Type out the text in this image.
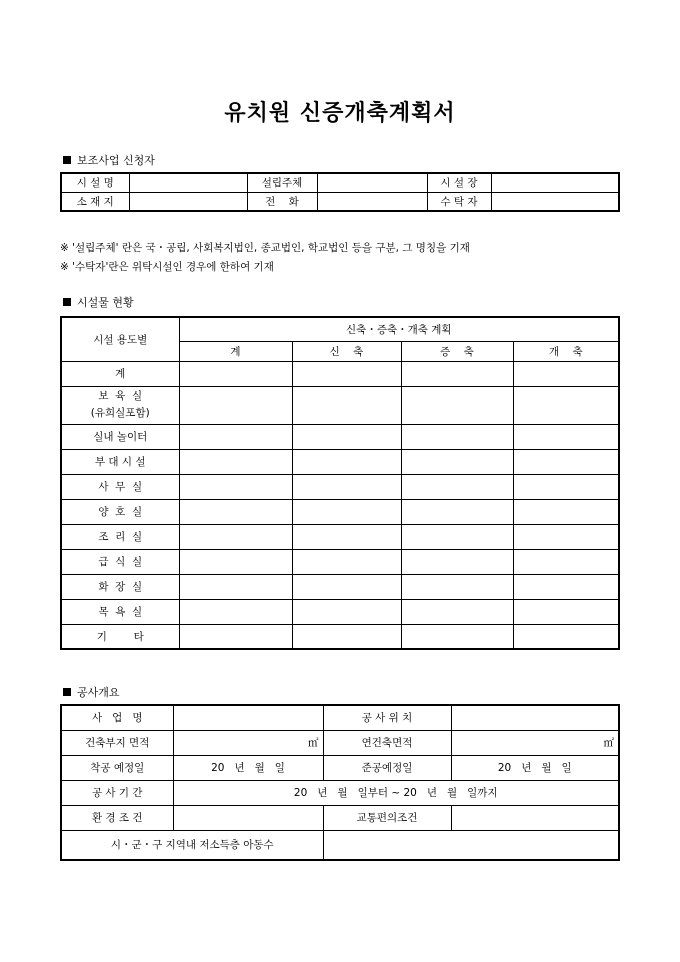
유치원 신증개축계획서
보조사업 신청자
시 설 명		설립주체		시 설 장	
소 재 지		전    화		수 탁 자	
※ '설립주체' 란은 국・공립, 사회복지법인, 종교법인, 학교법인 등을 구분, 그 명칭을 기재
※ '수탁자'란은 위탁시설인 경우에 한하여 기재
시설물 현황
시설 용도별	신축・증축・개축 계획			
	계	신    축	증    축	개    축
계				
보  육  실
(유희실포함)				
실내 놀이터				
부 대 시 설				
사  무  실				
양  호  실				
조  리  실				
급  식  실				
화  장  실				
목  욕  실				
기        타				
공사개요
사   업   명		공 사 위 치	
건축부지 면적	㎡	연건축면적	㎡
착공 예정일	20   년   월   일	준공예정일	20   년   월   일
공 사 기 간	20   년   월   일부터 ~ 20   년   월   일까지		
환 경 조 건		교통편의조건	
시・군・구 지역내 저소득층 아동수			
